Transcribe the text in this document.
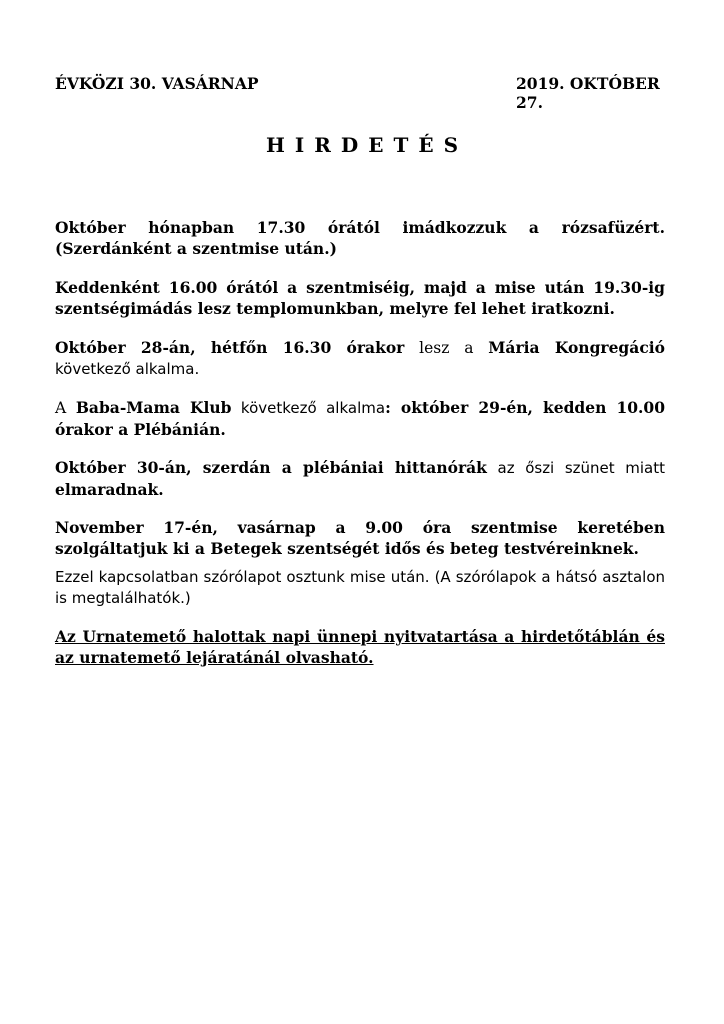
ÉVKÖZI 30. VASÁRNAP	2019. OKTÓBER 27.
HIRDETÉS

Október hónapban 17.30 órától imádkozzuk a rózsafüzért. (Szerdánként a szentmise után.)

Keddenként 16.00 órától a szentmiséig, majd a mise után 19.30-ig szentségimádás lesz templomunkban, melyre fel lehet iratkozni.

Október 28-án, hétfőn 16.30 órakor lesz a Mária Kongregáció következő alkalma.

A Baba-Mama Klub következő alkalma: október 29-én, kedden 10.00 órakor a Plébánián.

Október 30-án, szerdán a plébániai hittanórák az őszi szünet miatt elmaradnak.

November 17-én, vasárnap a 9.00 óra szentmise keretében szolgáltatjuk ki a Betegek szentségét idős és beteg testvéreinknek.

Ezzel kapcsolatban szórólapot osztunk mise után. (A szórólapok a hátsó asztalon is megtalálhatók.)

Az Urnatemető halottak napi ünnepi nyitvatartása a hirdetőtáblán és az urnatemető lejáratánál olvasható.
